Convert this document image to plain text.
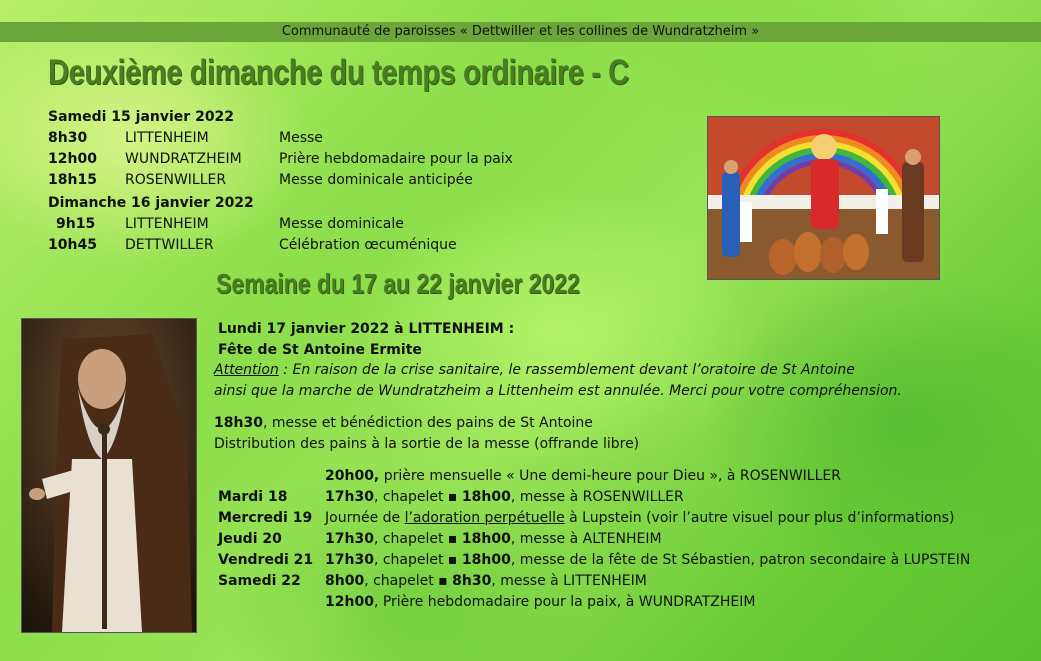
Communauté de paroisses « Dettwiller et les collines de Wundratzheim »
Deuxième dimanche du temps ordinaire - C
Samedi 15 janvier 2022
8h30	LITTENHEIM	Messe
12h00 WUNDRATZHEIM	Prière hebdomadaire pour la paix
18h15 ROSENWILLER	Messe dominicale anticipée
Dimanche 16 janvier 2022
9h15 LITTENHEIM	Messe dominicale
10h45 DETTWILLER	Célébration œcuménique
Semaine du 17 au 22 janvier 2022
Lundi 17 janvier 2022 à LITTENHEIM :
Fête de St Antoine Ermite
Attention : En raison de la crise sanitaire, le rassemblement devant l’oratoire de St Antoine
ainsi que la marche de Wundratzheim a Littenheim est annulée. Merci pour votre compréhension.
18h30, messe et bénédiction des pains de St Antoine
Distribution des pains à la sortie de la messe (offrande libre)
20h00, prière mensuelle « Une demi-heure pour Dieu », à ROSENWILLER
Mardi 18	17h30, chapelet ▪ 18h00, messe à ROSENWILLER
Mercredi 19 Journée de l’adoration perpétuelle à Lupstein (voir l’autre visuel pour plus d’informations)
Jeudi 20	17h30, chapelet ▪ 18h00, messe à ALTENHEIM
Vendredi 21 17h30, chapelet ▪ 18h00, messe de la fête de St Sébastien, patron secondaire à LUPSTEIN
Samedi 22 8h00, chapelet ▪ 8h30, messe à LITTENHEIM
12h00, Prière hebdomadaire pour la paix, à WUNDRATZHEIM
